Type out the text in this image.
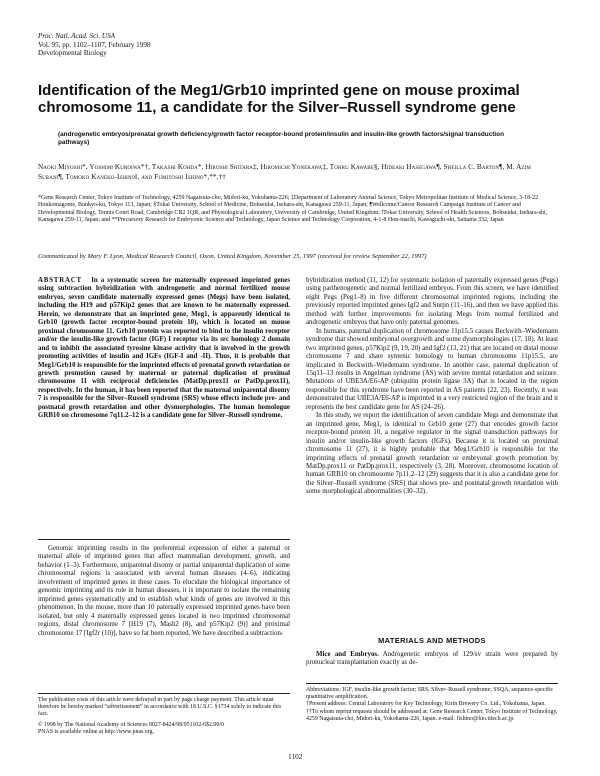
Proc. Natl. Acad. Sci. USA
Vol. 95, pp. 1102–1107, February 1998
Developmental Biology
Identification of the Meg1/Grb10 imprinted gene on mouse proximal chromosome 11, a candidate for the Silver–Russell syndrome gene
(androgenetic embryos/prenatal growth deficiency/growth factor receptor-bound protein/insulin and insulin-like growth factors/signal transduction pathways)
Naoki Miyoshi*, Yoshimi Kuroiwa*†, Takashi Kohda*, Hiroshi Shitara‡, Hiromichi Yonekawa‡, Tohru Kawabe§, Hideaki Hasegawa¶, Sheilla C. Barton¶, M. Azim Surani¶, Tomoko Kaneko-Ishino‖, and Fumitoshi Ishino*,**,††
*Gene Research Center, Tokyo Institute of Technology, 4259 Nagatsuta-cho, Midori-ku, Yokohama-226; ‡Department of Laboratory Animal Science, Tokyo Metropolitan Institute of Medical Science, 3-18-22 Honkomagome, Bunkyo-ku, Tokyo 113, Japan; §Tokai University, School of Medicine, Bohseidai, Isehara-shi, Kanagawa 259-11, Japan; ¶Wellcome/Cancer Research Campaign Institute of Cancer and Developmental Biology, Tennis Court Road, Cambridge CB2 1QR, and Physiological Laboratory, University of Cambridge, United Kingdom; ‖Tokai University, School of Health Sciences, Bohseidai, Isehara-shi, Kanagawa 259-11, Japan; and **Precursory Research for Embryonic Science and Technology, Japan Science and Technology Corporation, 4-1-8 Hon-machi, Kawaguchi-shi, Saitama 332, Japan
Communicated by Mary F. Lyon, Medical Research Council, Oxon, United Kingdom, November 25, 1997 (received for review September 22, 1997)
ABSTRACT In a systematic screen for maternally expressed imprinted genes using subtraction hybridization with androgenetic and normal fertilized mouse embryos, seven candidate maternally expressed genes (Megs) have been isolated, including the H19 and p57Kip2 genes that are known to be maternally expressed. Herein, we demonstrate that an imprinted gene, Meg1, is apparently identical to Grb10 (growth factor receptor-bound protein 10), which is located on mouse proximal chromosome 11. Grb10 protein was reported to bind to the insulin receptor and/or the insulin-like growth factor (IGF) I receptor via its src homology 2 domain and to inhibit the associated tyrosine kinase activity that is involved in the growth promoting activities of insulin and IGFs (IGF-I and -II). Thus, it is probable that Meg1/Grb10 is responsible for the imprinted effects of prenatal growth retardation or growth promotion caused by maternal or paternal duplication of proximal chromosome 11 with reciprocal deficiencies (MatDp.prox11 or PatDp.prox11), respectively. In the human, it has been reported that the maternal uniparental disomy 7 is responsible for the Silver–Russell syndrome (SRS) whose effects include pre- and postnatal growth retardation and other dysmorphologies. The human homologue GRB10 on chromosome 7q11.2–12 is a candidate gene for Silver–Russell syndrome.

Genomic imprinting results in the preferential expression of either a paternal or maternal allele of imprinted genes that affect mammalian development, growth, and behavior (1–3). Furthermore, uniparental disomy or partial uniparental duplication of some chromosomal regions is associated with several human diseases (4–6), indicating involvement of imprinted genes in these cases. To elucidate the biological importance of genomic imprinting and its role in human diseases, it is important to isolate the remaining imprinted genes systematically and to establish what kinds of genes are involved in this phenomenon. In the mouse, more than 10 paternally expressed imprinted genes have been isolated, but only 4 maternally expressed genes located in two imprinted chromosomal regions, distal chromosome 7 [H19 (7), Mash2 (8), and p57Kip2 (9)] and proximal chromosome 17 [Igf2r (10)], have so far been reported. We have described a subtraction-

hybridization method (11, 12) for systematic isolation of paternally expressed genes (Pegs) using parthenogenetic and normal fertilized embryos. From this screen, we have identified eight Pegs (Peg1–8) in five different chromosomal imprinted regions, including the previously reported imprinted genes Igf2 and Snrpn (11–16), and then we have applied this method with further improvements for isolating Megs from normal fertilized and androgenetic embryos that have only paternal genomes.

In humans, paternal duplication of chromosome 11p15.5 causes Beckwith–Wiedemann syndrome that showed embryonal overgrowth and some dysmorphologies (17, 18). At least two imprinted genes, p57Kip2 (9, 19, 20) and Igf2 (13, 21) that are located on distal mouse chromosome 7 and share syntenic homology to human chromosome 11p15.5, are implicated in Beckwith–Wiedemann syndrome. In another case, paternal duplication of 15q11–13 results in Angelman syndrome (AS) with severe mental retardation and seizure. Mutations of UBE3A/E6-AP (ubiquitin protein ligase 3A) that is located in the region responsible for this syndrome have been reported in AS patients (22, 23). Recently, it was demonstrated that UBE3A/E6-AP is imprinted in a very restricted region of the brain and it represents the best candidate gene for AS (24–26).

In this study, we report the identification of seven candidate Megs and demonstrate that an imprinted gene, Meg1, is identical to Grb10 gene (27) that encodes growth factor receptor-bound protein 10, a negative regulator in the signal transduction pathways for insulin and/or insulin-like growth factors (IGFs). Because it is located on proximal chromosome 11 (27), it is highly probable that Meg1/Grb10 is responsible for the imprinting effects of prenatal growth retardation or embryonal growth promotion by MatDp.prox11 or PatDp.prox11, respectively (3, 28). Moreover, chromosome location of human GRB10 on chromosome 7p11.2–12 (29) suggests that it is also a candidate gene for the Silver–Russell syndrome (SRS) that shows pre- and postnatal growth retardation with some morphological abnormalities (30–32).

MATERIALS AND METHODS

Mice and Embryos. Androgenetic embryos of 129/sv strain were prepared by pronuclear transplantation exactly as de-

The publication costs of this article were defrayed in part by page charge payment. This article must therefore be hereby marked “advertisement” in accordance with 18 U.S.C. §1734 solely to indicate this fact.
© 1998 by The National Academy of Sciences 0027-8424/98/951102-6$2.00/0
PNAS is available online at http://www.pnas.org.
Abbreviations: IGF, insulin-like growth factor; SRS, Silver–Russell syndrome; SSQA, sequence-specific quantitative amplification.
†Present address: Central Laboratory for Key Technology, Kirin Brewery Co. Ltd., Yokohama, Japan.
††To whom reprint requests should be addressed at: Gene Research Center, Tokyo Institute of Technology, 4259 Nagatsuta-cho, Midori-ku, Yokohama-226, Japan. e-mail: fishino@bio.titech.ac.jp.
1102
